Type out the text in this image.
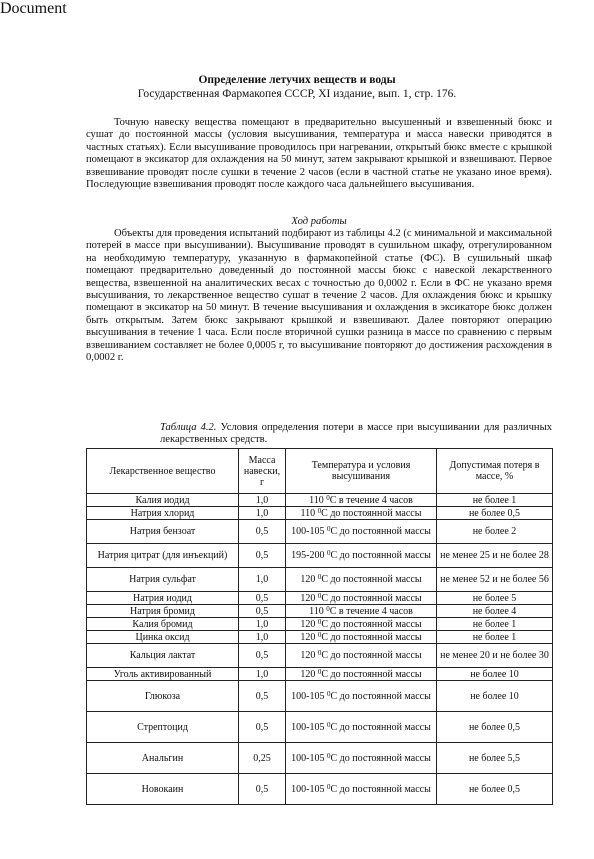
Document

Определение летучих веществ и воды

Государственная Фармакопея СССР, XI издание, вып. 1, стр. 176.

Точную навеску вещества помещают в предварительно высушенный и взвешенный бюкс и сушат до постоянной массы (условия высушивания, температура и масса навески приводятся в частных статьях). Если высушивание проводилось при нагревании, открытый бюкс вместе с крышкой помещают в эксикатор для охлаждения на 50 минут, затем закрывают крышкой и взвешивают. Первое взвешивание проводят после сушки в течение 2 часов (если в частной статье не указано иное время). Последующие взвешивания проводят после каждого часа дальнейшего высушивания.

Ход работы

Объекты для проведения испытаний подбирают из таблицы 4.2 (с минимальной и максимальной потерей в массе при высушивании). Высушивание проводят в сушильном шкафу, отрегулированном на необходимую температуру, указанную в фармакопейной статье (ФС). В сушильный шкаф помещают предварительно доведенный до постоянной массы бюкс с навеской лекарственного вещества, взвешенной на аналитических весах с точностью до 0,0002 г. Если в ФС не указано время высушивания, то лекарственное вещество сушат в течение 2 часов. Для охлаждения бюкс и крышку помещают в эксикатор на 50 минут. В течение высушивания и охлаждения в эксикаторе бюкс должен быть открытым. Затем бюкс закрывают крышкой и взвешивают. Далее повторяют операцию высушивания в течение 1 часа. Если после вторичной сушки разница в массе по сравнению с первым взвешиванием составляет не более 0,0005 г, то высушивание повторяют до достижения расхождения в 0,0002 г.

Таблица 4.2. Условия определения потери в массе при высушивании для различных лекарственных средств.

Лекарственное вещество	Масса навески, г	Температура и условия высушивания	Допустимая потеря в массе, %
Калия иодид	1,0	110 $^0$С в течение 4 часов	не более 1
Натрия хлорид	1,0	110 $^0$С до постоянной массы	не более 0,5
Натрия бензоат	0,5	100-105 $^0$С до постоянной массы	не более 2
Натрия цитрат (для инъекций)	0,5	195-200 $^0$С до постоянной массы	не менее 25 и не более 28
Натрия сульфат	1,0	120 $^0$С до постоянной массы	не менее 52 и не более 56
Натрия иодид	0,5	120 $^0$С до постоянной массы	не более 5
Натрия бромид	0,5	110 $^0$С в течение 4 часов	не более 4
Калия бромид	1,0	120 $^0$С до постоянной массы	не более 1
Цинка оксид	1,0	120 $^0$С до постоянной массы	не более 1
Кальция лактат	0,5	120 $^0$С до постоянной массы	не менее 20 и не более 30
Уголь активированный	1,0	120 $^0$С до постоянной массы	не более 10
Глюкоза	0,5	100-105 $^0$С до постоянной массы	не более 10
Стрептоцид	0,5	100-105 $^0$С до постоянной массы	не более 0,5
Анальгин	0,25	100-105 $^0$С до постоянной массы	не более 5,5
Новокаин	0,5	100-105 $^0$С до постоянной массы	не более 0,5
